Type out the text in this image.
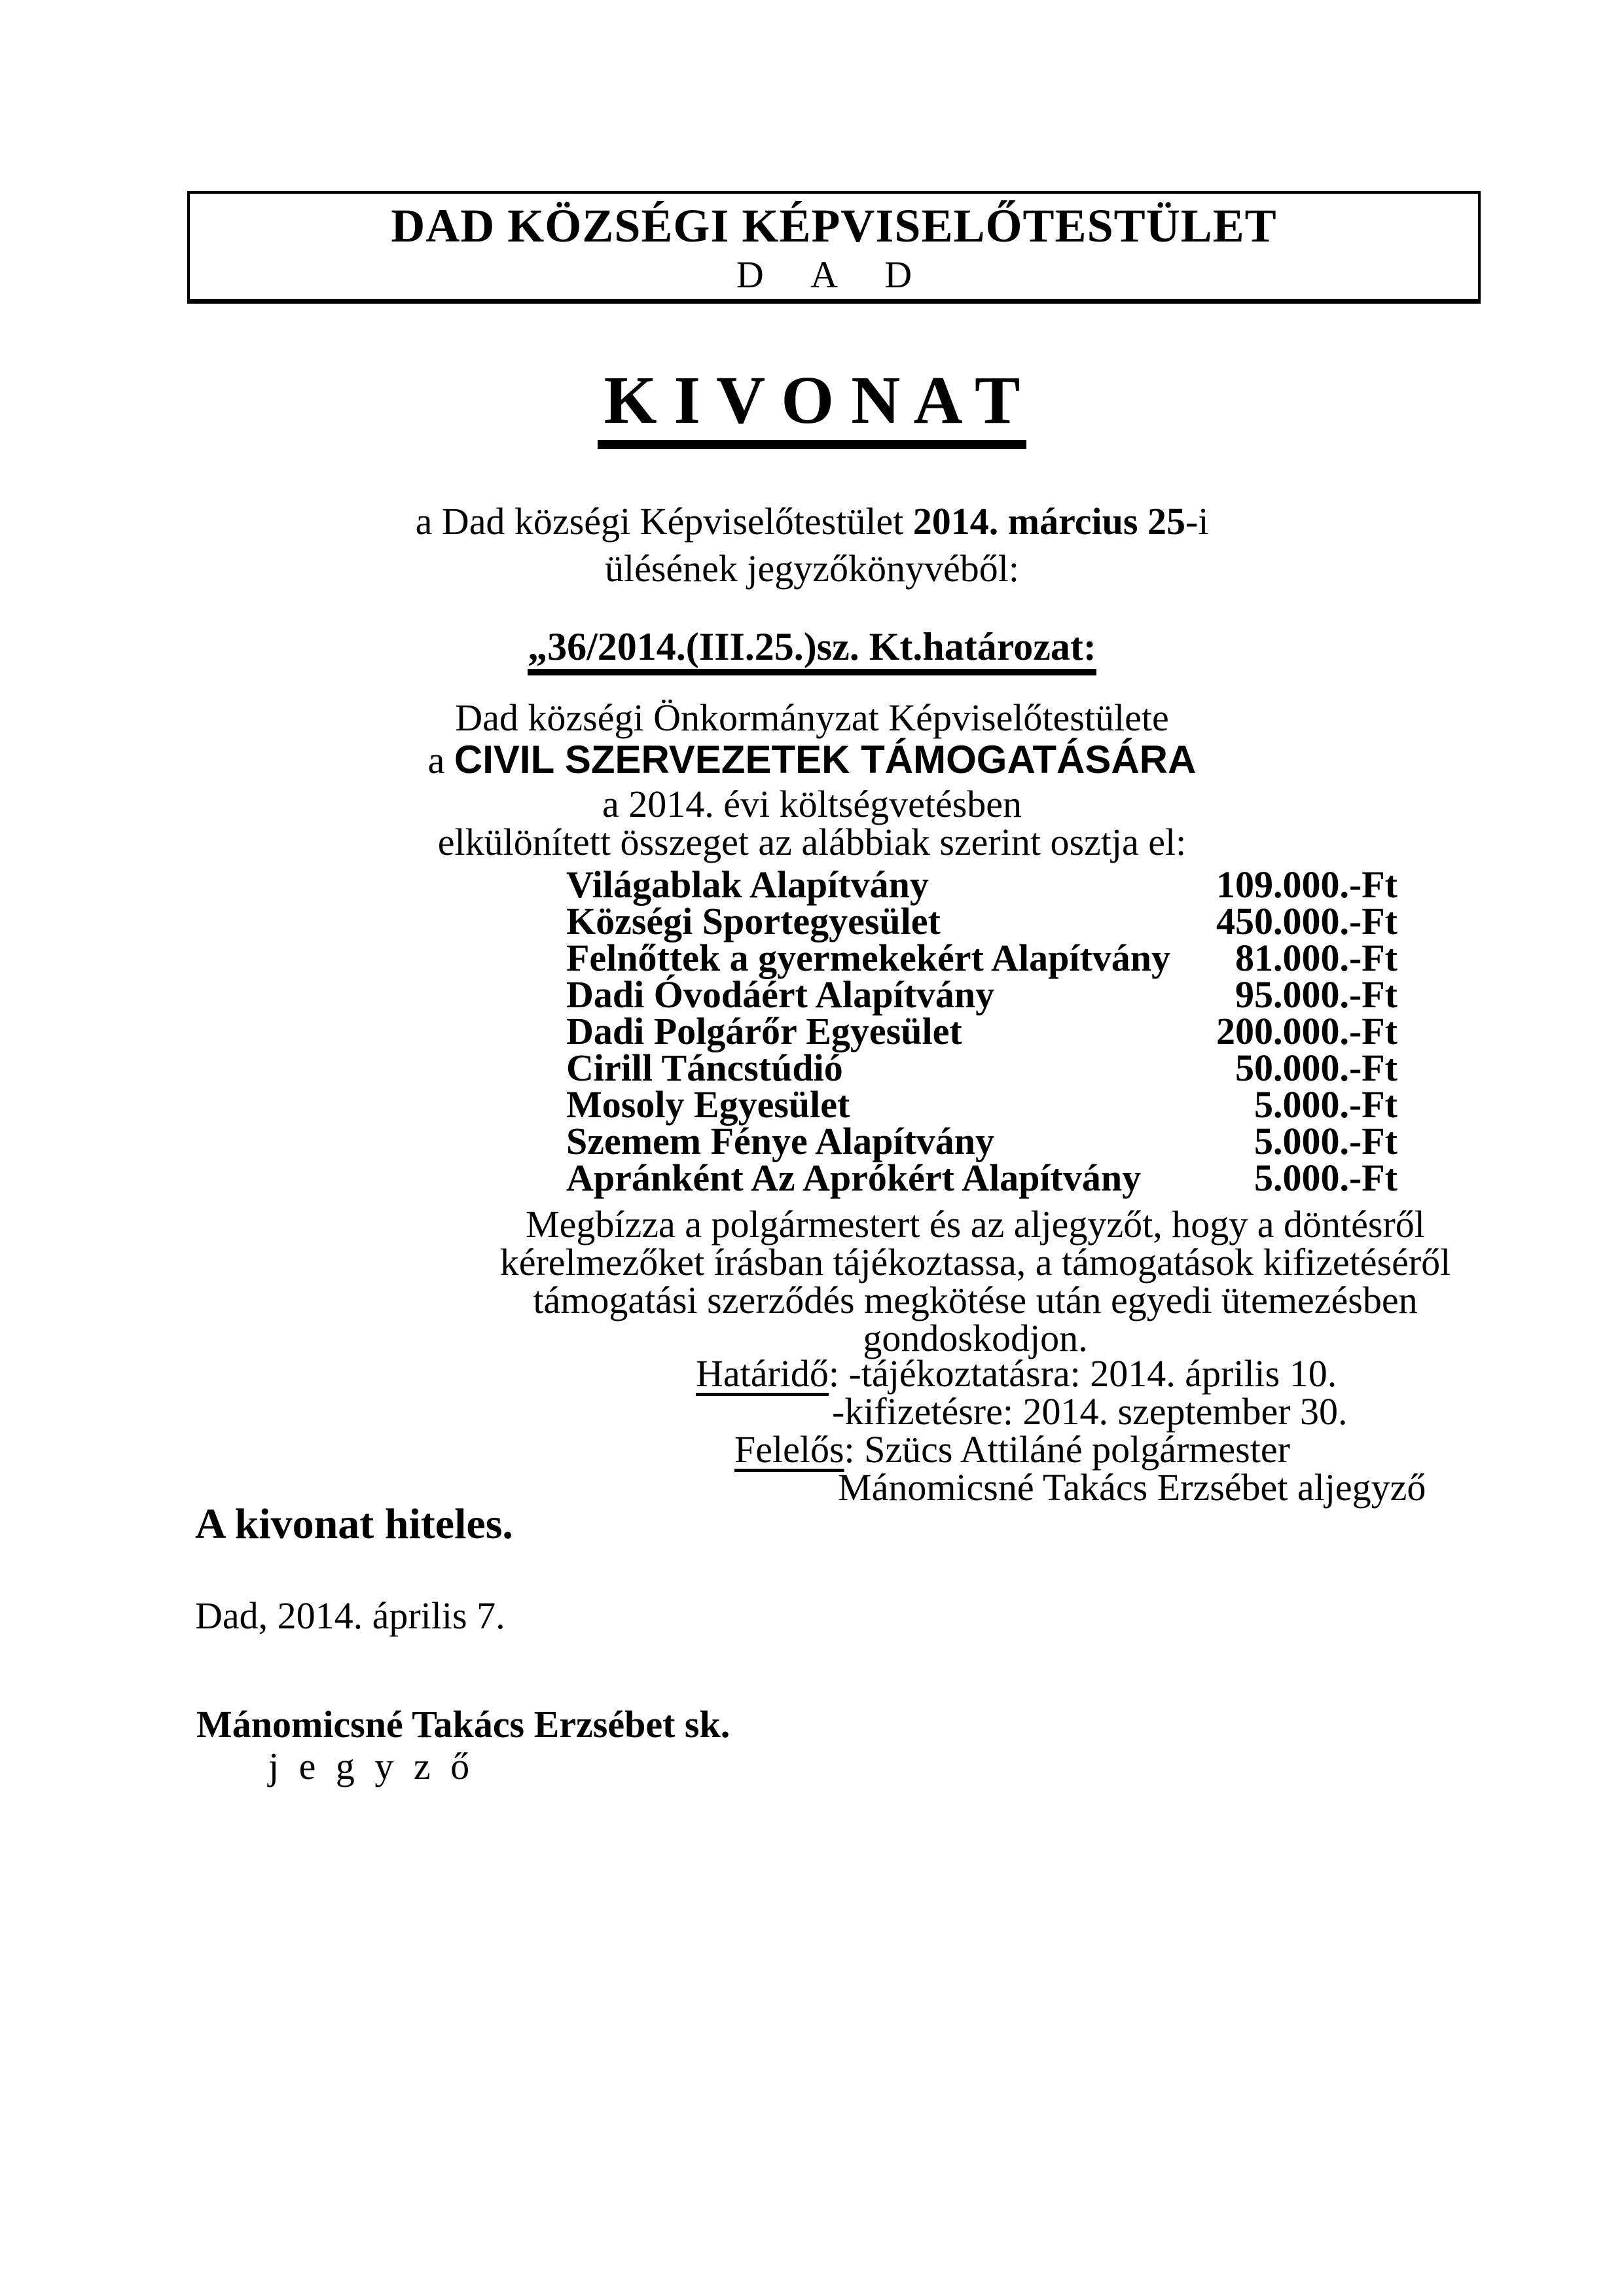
DAD KÖZSÉGI KÉPVISELŐTESTÜLET
D A D
K I V O N A T
a Dad községi Képviselőtestület 2014. március 25-i
ülésének jegyzőkönyvéből:
„36/2014.(III.25.)sz. Kt.határozat:
Dad községi Önkormányzat Képviselőtestülete
a CIVIL SZERVEZETEK TÁMOGATÁSÁRA
a 2014. évi költségvetésben
elkülönített összeget az alábbiak szerint osztja el:
Világablak Alapítvány	109.000.-Ft
Községi Sportegyesület	450.000.-Ft
Felnőttek a gyermekekért Alapítvány 81.000.-Ft
Dadi Óvodáért Alapítvány	95.000.-Ft
Dadi Polgárőr Egyesület	200.000.-Ft
Cirill Táncstúdió	50.000.-Ft
Mosoly Egyesület	5.000.-Ft
Szemem Fénye Alapítvány	5.000.-Ft
Apránként Az Aprókért Alapítvány	5.000.-Ft
Megbízza a polgármestert és az aljegyzőt, hogy a döntésről
kérelmezőket írásban tájékoztassa, a támogatások kifizetéséről
támogatási szerződés megkötése után egyedi ütemezésben
gondoskodjon.
Határidő: -tájékoztatásra: 2014. április 10.
-kifizetésre: 2014. szeptember 30.
Felelős: Szücs Attiláné polgármester
Mánomicsné Takács Erzsébet aljegyző
A kivonat hiteles.
Dad, 2014. április 7.
Mánomicsné Takács Erzsébet sk.
j e g y z ő
